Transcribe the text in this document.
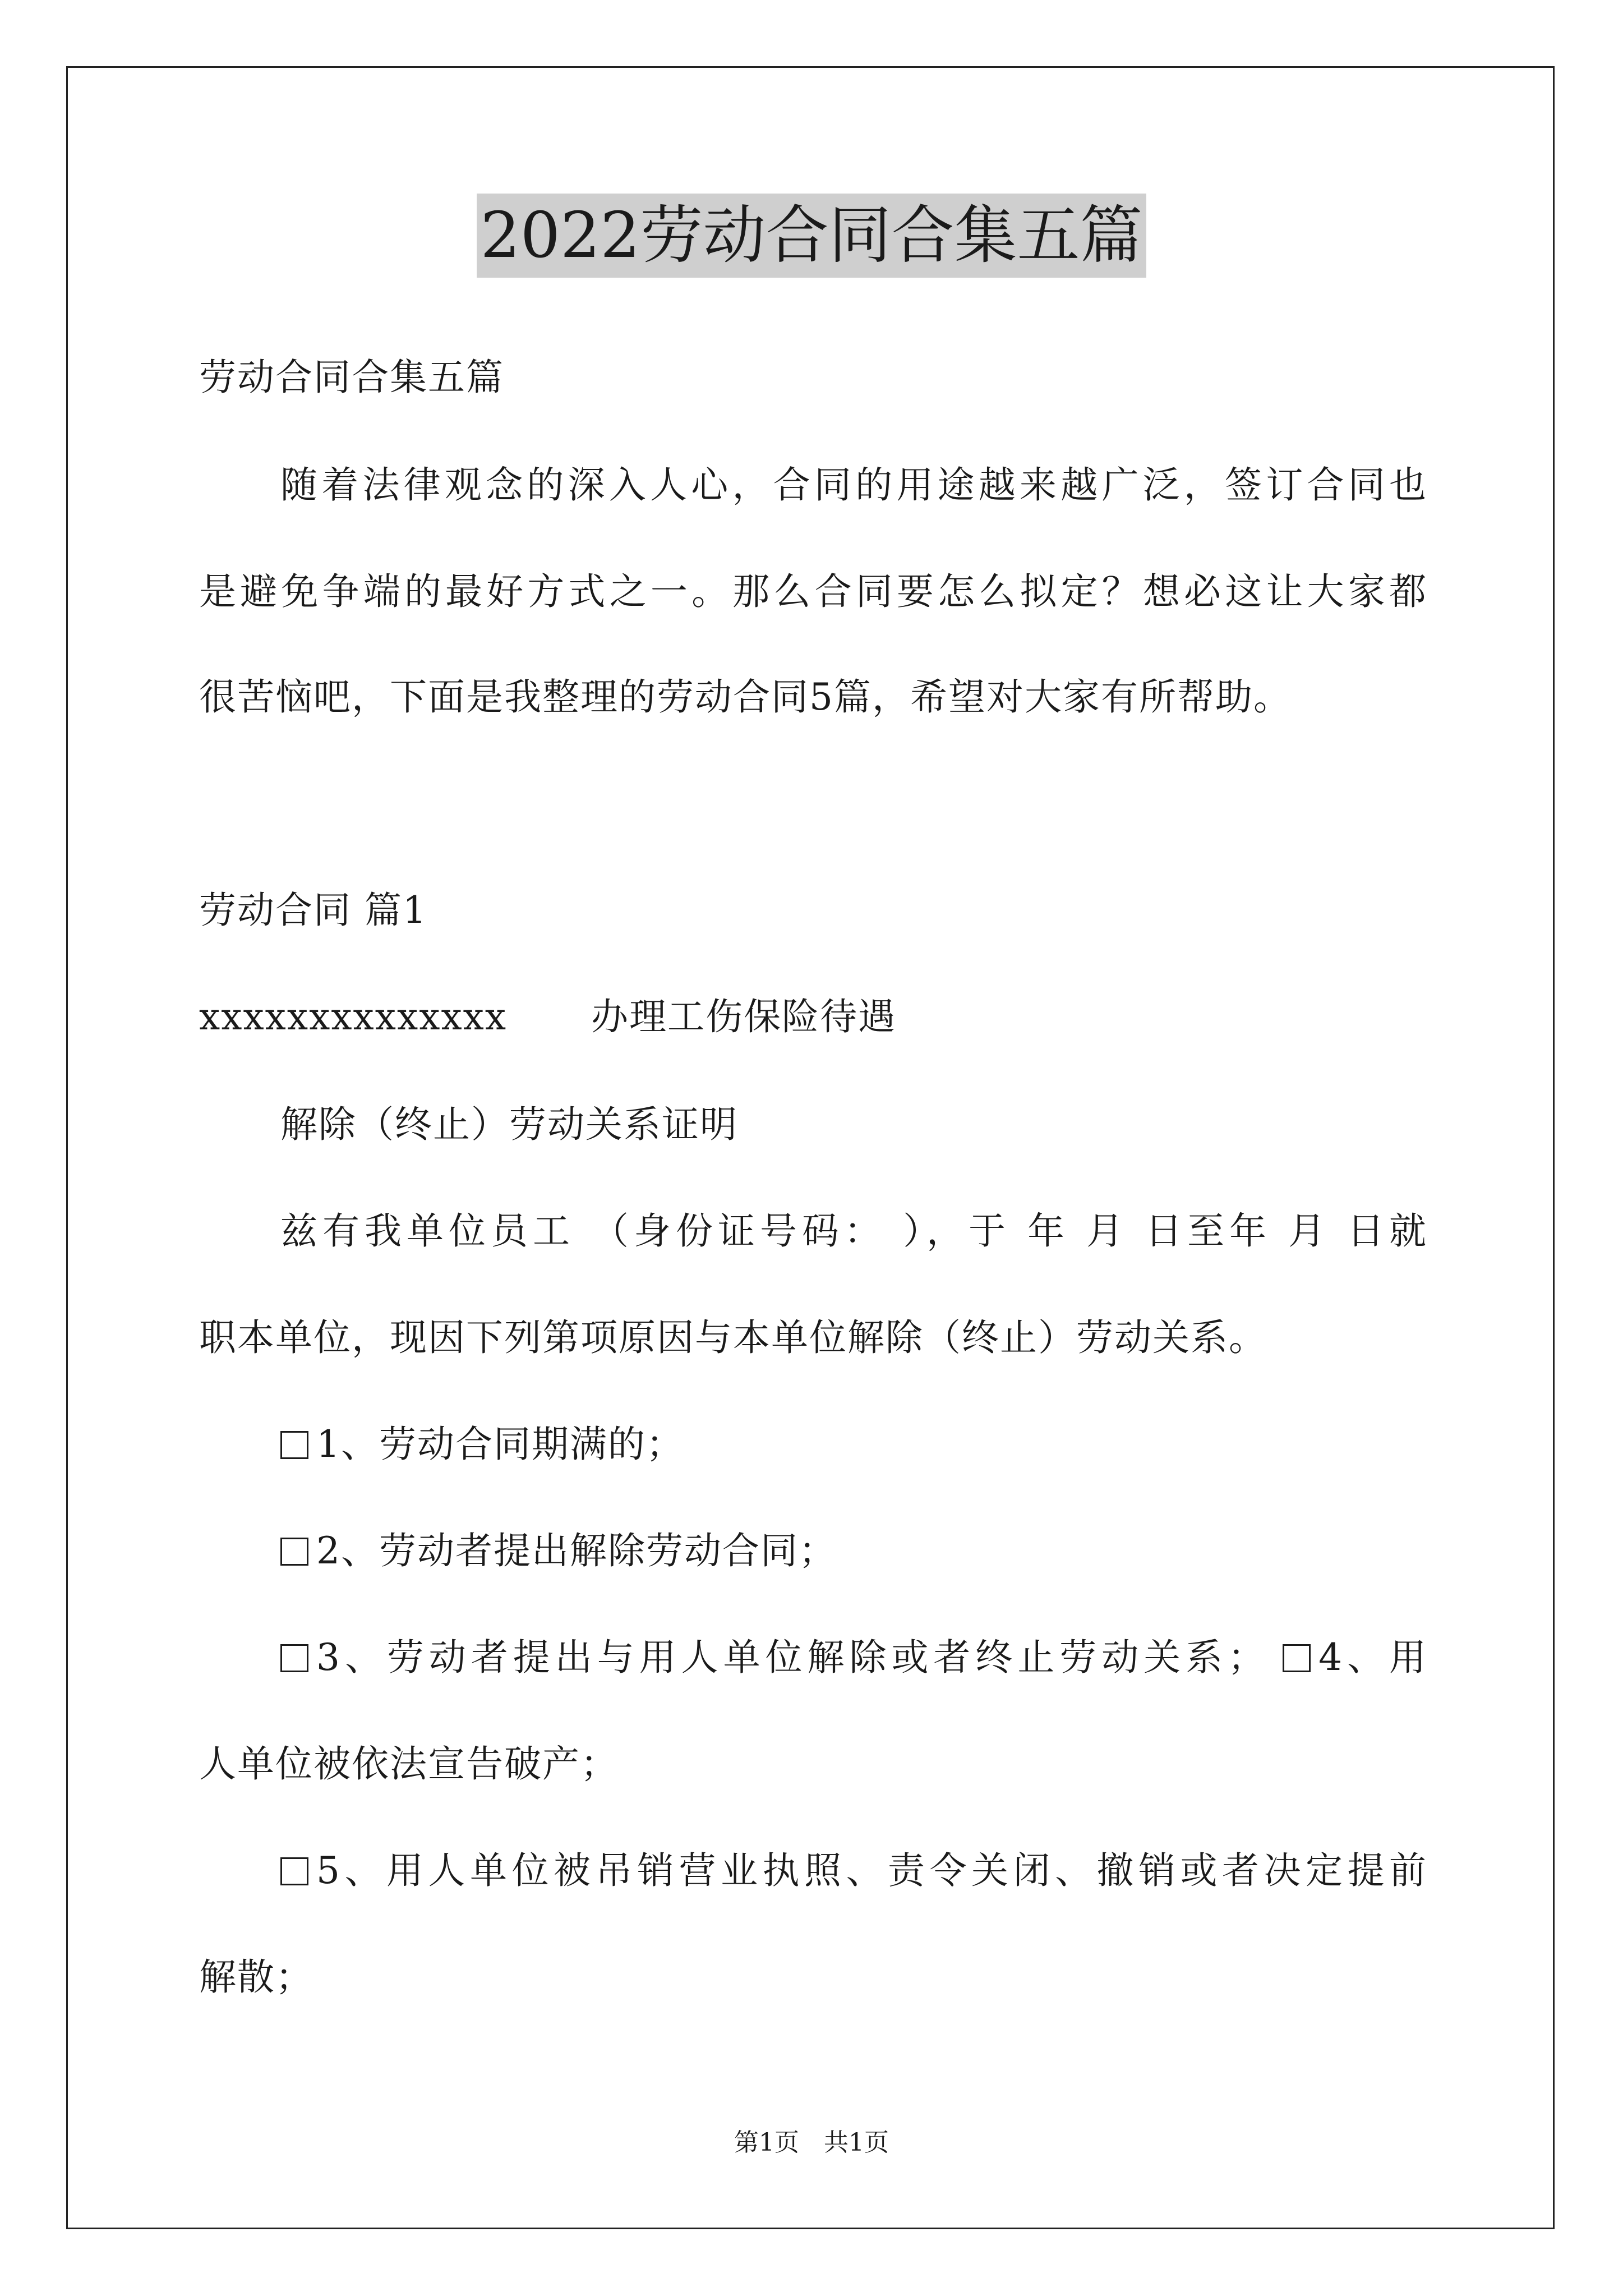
2022劳动合同合集五篇
劳动合同合集五篇
随着法律观念的深入人心，合同的用途越来越广泛，签订合同也
是避免争端的最好方式之一。那么合同要怎么拟定？想必这让大家都
很苦恼吧，下面是我整理的劳动合同5篇，希望对大家有所帮助。
劳动合同 篇1
xxxxxxxxxxxxxx 办理工伤保险待遇
解除（终止）劳动关系证明
兹有我单位员工 （身份证号码： ），于 年 月 日至年 月 日就
职本单位，现因下列第项原因与本单位解除（终止）劳动关系。
1、劳动合同期满的；
2、劳动者提出解除劳动合同；
3、劳动者提出与用人单位解除或者终止劳动关系； 4、用
人单位被依法宣告破产；
5、用人单位被吊销营业执照、责令关闭、撤销或者决定提前
解散；
第1页 共1页
